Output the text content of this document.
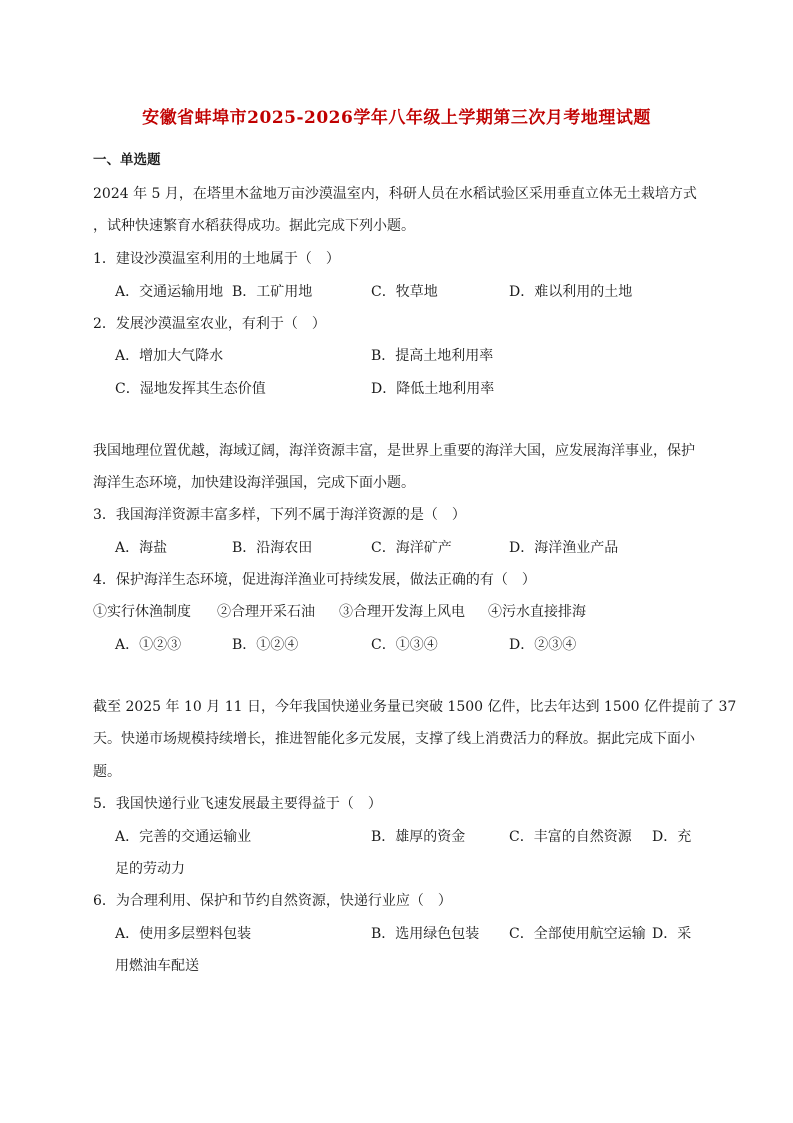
安徽省蚌埠市2025-2026学年八年级上学期第三次月考地理试题
一、单选题
2024 年 5 月，在塔里木盆地万亩沙漠温室内，科研人员在水稻试验区采用垂直立体无土栽培方式
，试种快速繁育水稻获得成功。据此完成下列小题。
1．建设沙漠温室利用的土地属于（　）
A．交通运输用地 B．工矿用地	C．牧草地	D．难以利用的土地
2．发展沙漠温室农业，有利于（　）
A．增加大气降水	B．提高土地利用率
C．湿地发挥其生态价值	D．降低土地利用率
我国地理位置优越，海域辽阔，海洋资源丰富，是世界上重要的海洋大国，应发展海洋事业，保护
海洋生态环境，加快建设海洋强国，完成下面小题。
3．我国海洋资源丰富多样，下列不属于海洋资源的是（　）
A．海盐	B．沿海农田	C．海洋矿产	D．海洋渔业产品
4．保护海洋生态环境，促进海洋渔业可持续发展，做法正确的有（　）
①实行休渔制度 ②合理开采石油 ③合理开发海上风电 ④污水直接排海
A．①②③	B．①②④	C．①③④	D．②③④
截至 2025 年 10 月 11 日，今年我国快递业务量已突破 1500 亿件，比去年达到 1500 亿件提前了 37
天。快递市场规模持续增长，推进智能化多元发展，支撑了线上消费活力的释放。据此完成下面小
题。
5．我国快递行业飞速发展最主要得益于（　）
A．完善的交通运输业	B．雄厚的资金	C．丰富的自然资源 D．充
足的劳动力
6．为合理利用、保护和节约自然资源，快递行业应（　）
A．使用多层塑料包装	B．选用绿色包装 C．全部使用航空运输 D．采
用燃油车配送
